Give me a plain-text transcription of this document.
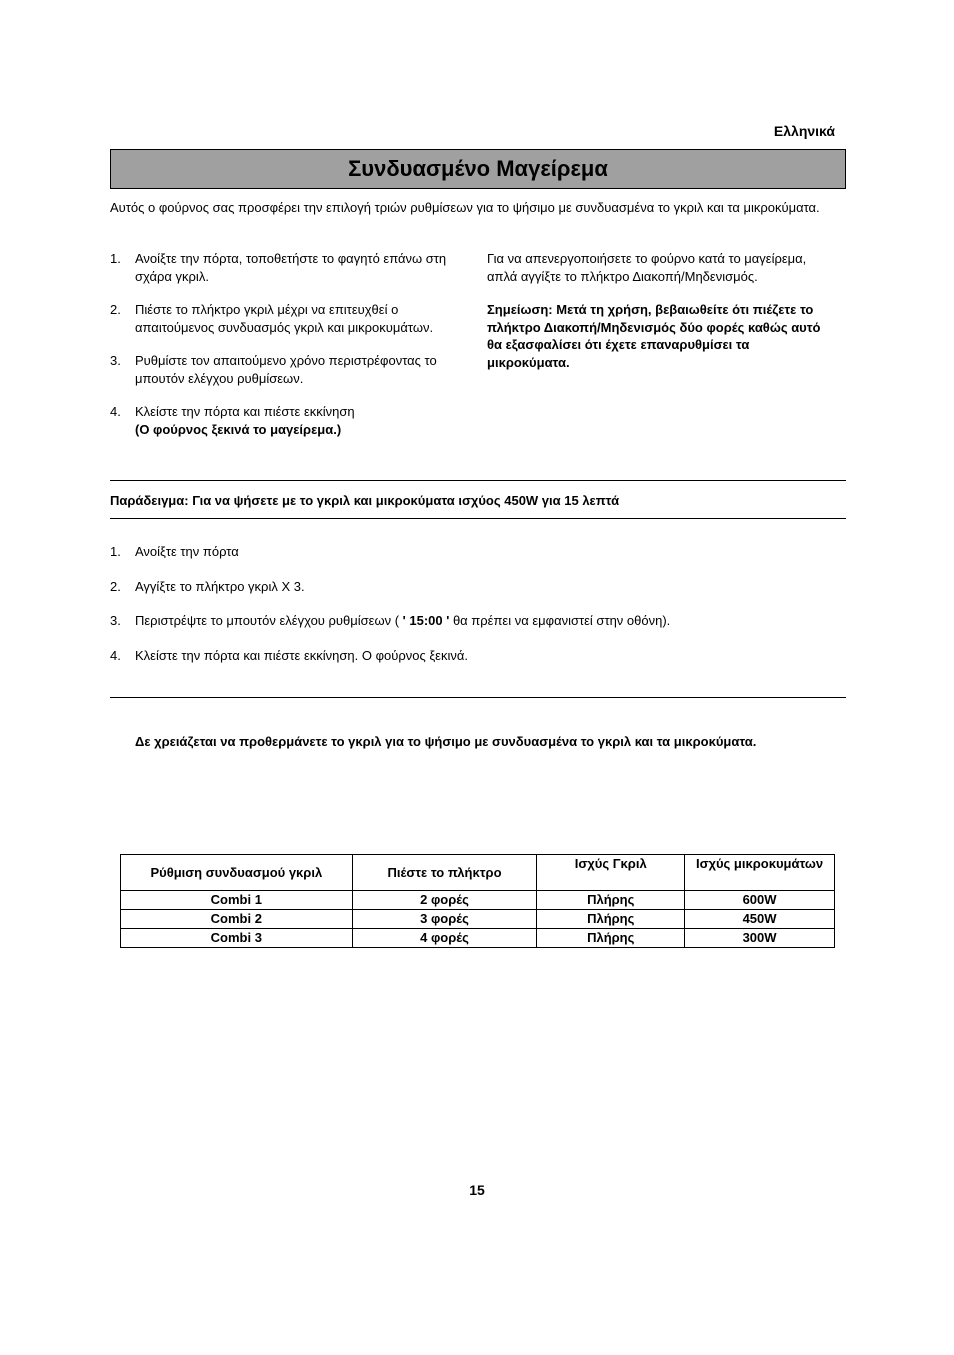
Ελληνικά
Συνδυασμένο Μαγείρεμα
Αυτός ο φούρνος σας προσφέρει την επιλογή τριών ρυθμίσεων για το ψήσιμο με συνδυασμένα το γκριλ και τα μικροκύματα.
1.	Ανοίξτε την πόρτα, τοποθετήστε το φαγητό επάνω στη σχάρα γκριλ.
2.	Πιέστε το πλήκτρο γκριλ μέχρι να επιτευχθεί ο απαιτούμενος συνδυασμός γκριλ και μικροκυμάτων.
3.	Ρυθμίστε τον απαιτούμενο χρόνο περιστρέφοντας το μπουτόν ελέγχου ρυθμίσεων.
4.	Κλείστε την πόρτα και πιέστε εκκίνηση
(Ο φούρνος ξεκινά το μαγείρεμα.)

Για να απενεργοποιήσετε το φούρνο κατά το μαγείρεμα, απλά αγγίξτε το πλήκτρο Διακοπή/Μηδενισμός.

Σημείωση: Μετά τη χρήση, βεβαιωθείτε ότι πιέζετε το πλήκτρο Διακοπή/Μηδενισμός δύο φορές καθώς αυτό θα εξασφαλίσει ότι έχετε επαναρυθμίσει τα μικροκύματα.

Παράδειγμα: Για να ψήσετε με το γκριλ και μικροκύματα ισχύος 450W για 15 λεπτά
1.	Ανοίξτε την πόρτα
2.	Αγγίξτε το πλήκτρο γκριλ Χ 3.
3.	Περιστρέψτε το μπουτόν ελέγχου ρυθμίσεων ( ' 15:00 ' θα πρέπει να εμφανιστεί στην οθόνη).
4.	Κλείστε την πόρτα και πιέστε εκκίνηση. Ο φούρνος ξεκινά.
Δε χρειάζεται να προθερμάνετε το γκριλ για το ψήσιμο με συνδυασμένα το γκριλ και τα μικροκύματα.
Ρύθμιση συνδυασμού γκριλ	Πιέστε το πλήκτρο	Ισχύς Γκριλ	Ισχύς μικροκυμάτων
Combi 1	2 φορές	Πλήρης	600W
Combi 2	3 φορές	Πλήρης	450W
Combi 3	4 φορές	Πλήρης	300W
15
